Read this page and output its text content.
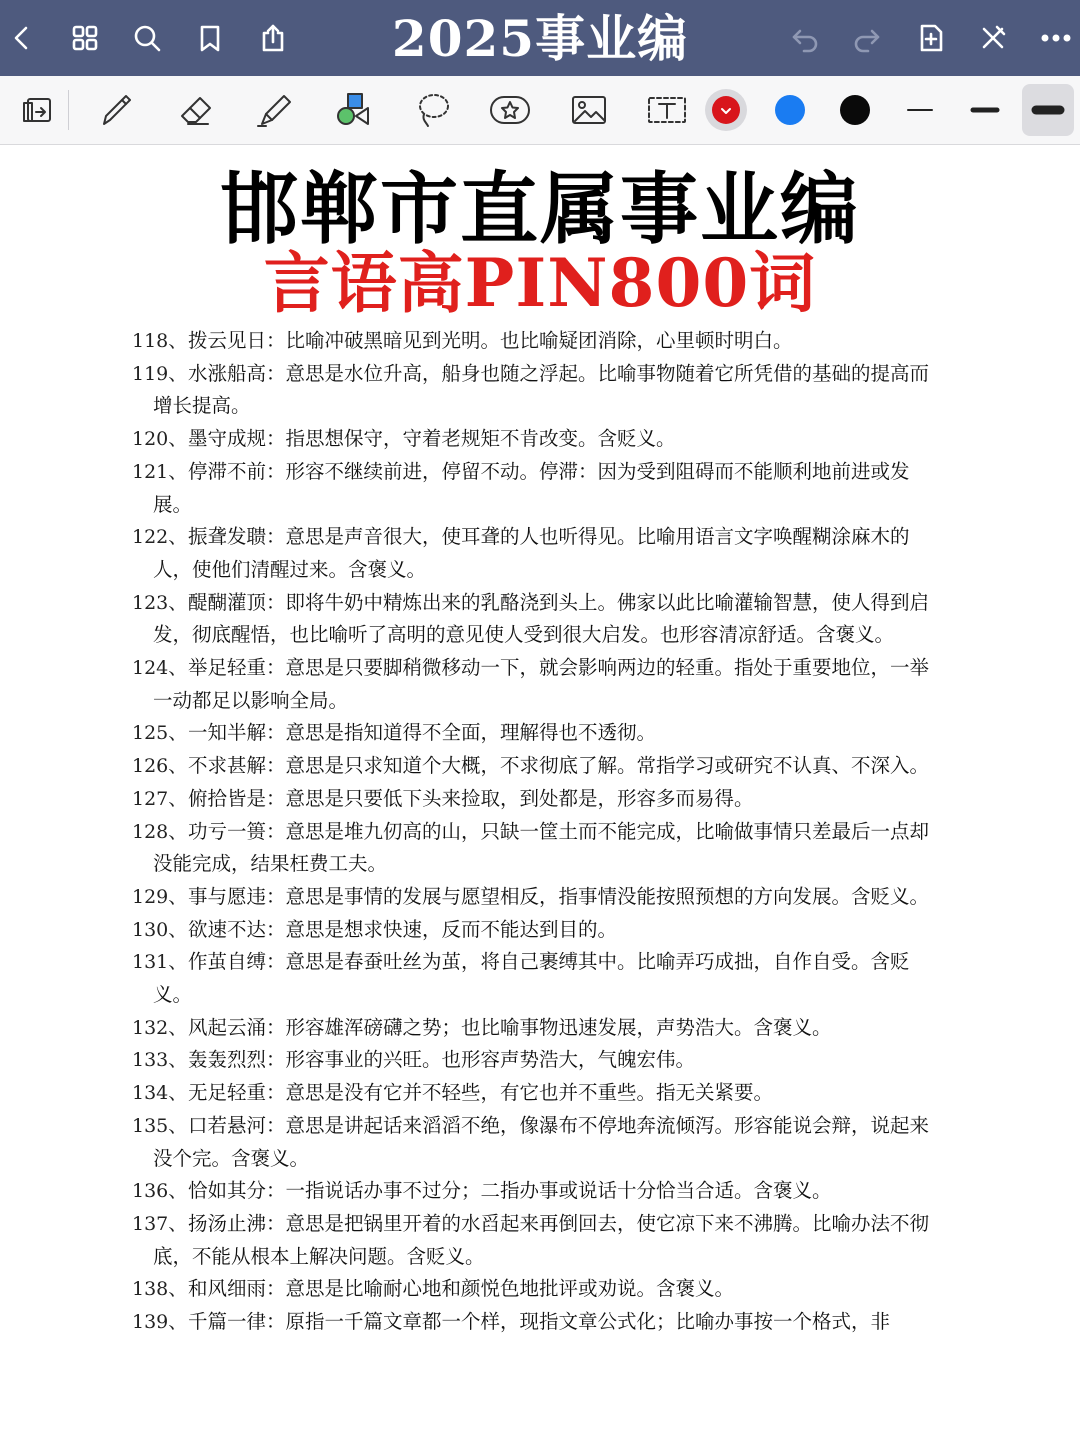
2025事业编
邯郸市直属事业编
言语高PIN800词

118、拨云见日：比喻冲破黑暗见到光明。也比喻疑团消除，心里顿时明白。

119、水涨船高：意思是水位升高，船身也随之浮起。比喻事物随着它所凭借的基础的提高而增长提高。

120、墨守成规：指思想保守，守着老规矩不肯改变。含贬义。

121、停滞不前：形容不继续前进，停留不动。停滞：因为受到阻碍而不能顺利地前进或发展。

122、振聋发聩：意思是声音很大，使耳聋的人也听得见。比喻用语言文字唤醒糊涂麻木的人，使他们清醒过来。含褒义。

123、醍醐灌顶：即将牛奶中精炼出来的乳酪浇到头上。佛家以此比喻灌输智慧，使人得到启发，彻底醒悟，也比喻听了高明的意见使人受到很大启发。也形容清凉舒适。含褒义。

124、举足轻重：意思是只要脚稍微移动一下，就会影响两边的轻重。指处于重要地位，一举一动都足以影响全局。

125、一知半解：意思是指知道得不全面，理解得也不透彻。

126、不求甚解：意思是只求知道个大概，不求彻底了解。常指学习或研究不认真、不深入。

127、俯拾皆是：意思是只要低下头来捡取，到处都是，形容多而易得。

128、功亏一篑：意思是堆九仞高的山，只缺一筐土而不能完成，比喻做事情只差最后一点却没能完成，结果枉费工夫。

129、事与愿违：意思是事情的发展与愿望相反，指事情没能按照预想的方向发展。含贬义。

130、欲速不达：意思是想求快速，反而不能达到目的。

131、作茧自缚：意思是春蚕吐丝为茧，将自己裹缚其中。比喻弄巧成拙，自作自受。含贬义。

132、风起云涌：形容雄浑磅礴之势；也比喻事物迅速发展，声势浩大。含褒义。

133、轰轰烈烈：形容事业的兴旺。也形容声势浩大，气魄宏伟。

134、无足轻重：意思是没有它并不轻些，有它也并不重些。指无关紧要。

135、口若悬河：意思是讲起话来滔滔不绝，像瀑布不停地奔流倾泻。形容能说会辩，说起来没个完。含褒义。

136、恰如其分：一指说话办事不过分；二指办事或说话十分恰当合适。含褒义。

137、扬汤止沸：意思是把锅里开着的水舀起来再倒回去，使它凉下来不沸腾。比喻办法不彻底，不能从根本上解决问题。含贬义。

138、和风细雨：意思是比喻耐心地和颜悦色地批评或劝说。含褒义。

139、千篇一律：原指一千篇文章都一个样，现指文章公式化；比喻办事按一个格式，非
